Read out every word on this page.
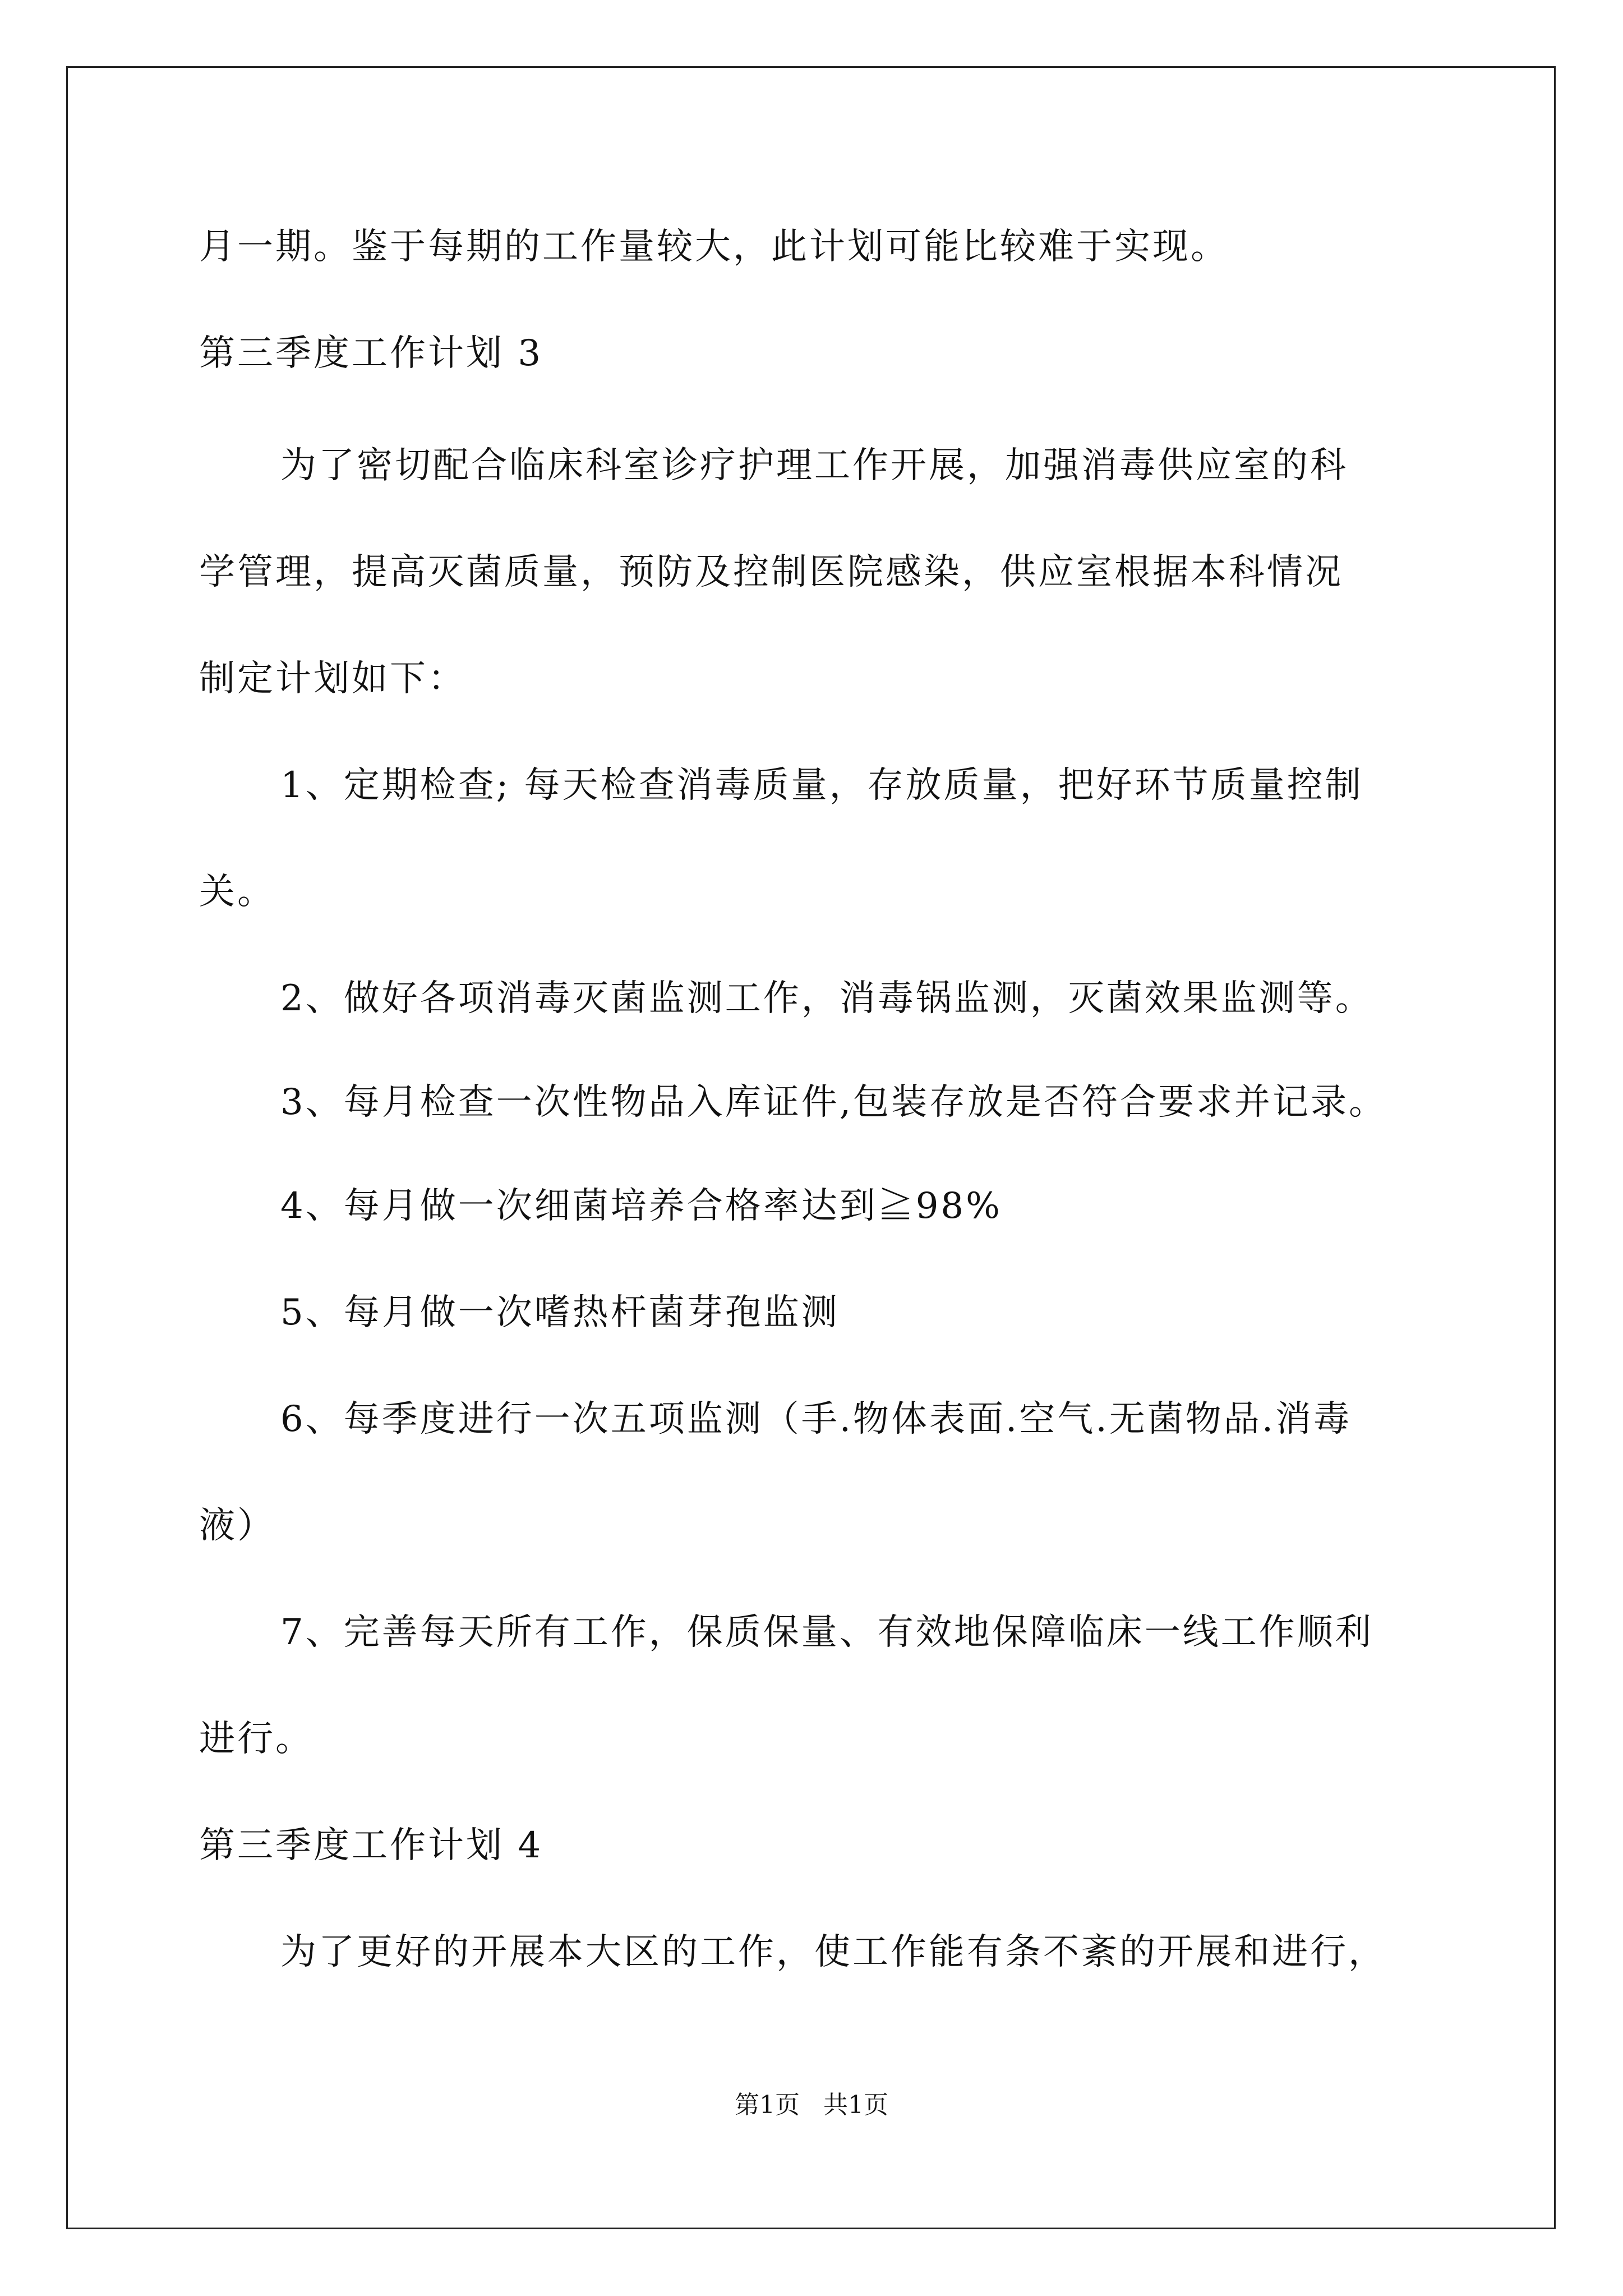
月一期。鉴于每期的工作量较大，此计划可能比较难于实现。
第三季度工作计划 3
为了密切配合临床科室诊疗护理工作开展，加强消毒供应室的科
学管理，提高灭菌质量，预防及控制医院感染，供应室根据本科情况
制定计划如下：
1、定期检查; 每天检查消毒质量，存放质量，把好环节质量控制
关。
2、做好各项消毒灭菌监测工作，消毒锅监测，灭菌效果监测等。
3、每月检查一次性物品入库证件,包装存放是否符合要求并记录。
4、每月做一次细菌培养合格率达到≧98%
5、每月做一次嗜热杆菌芽孢监测
6、每季度进行一次五项监测（手.物体表面.空气.无菌物品.消毒
液）
7、完善每天所有工作，保质保量、有效地保障临床一线工作顺利
进行。
第三季度工作计划 4
为了更好的开展本大区的工作，使工作能有条不紊的开展和进行，
第1页   共1页
